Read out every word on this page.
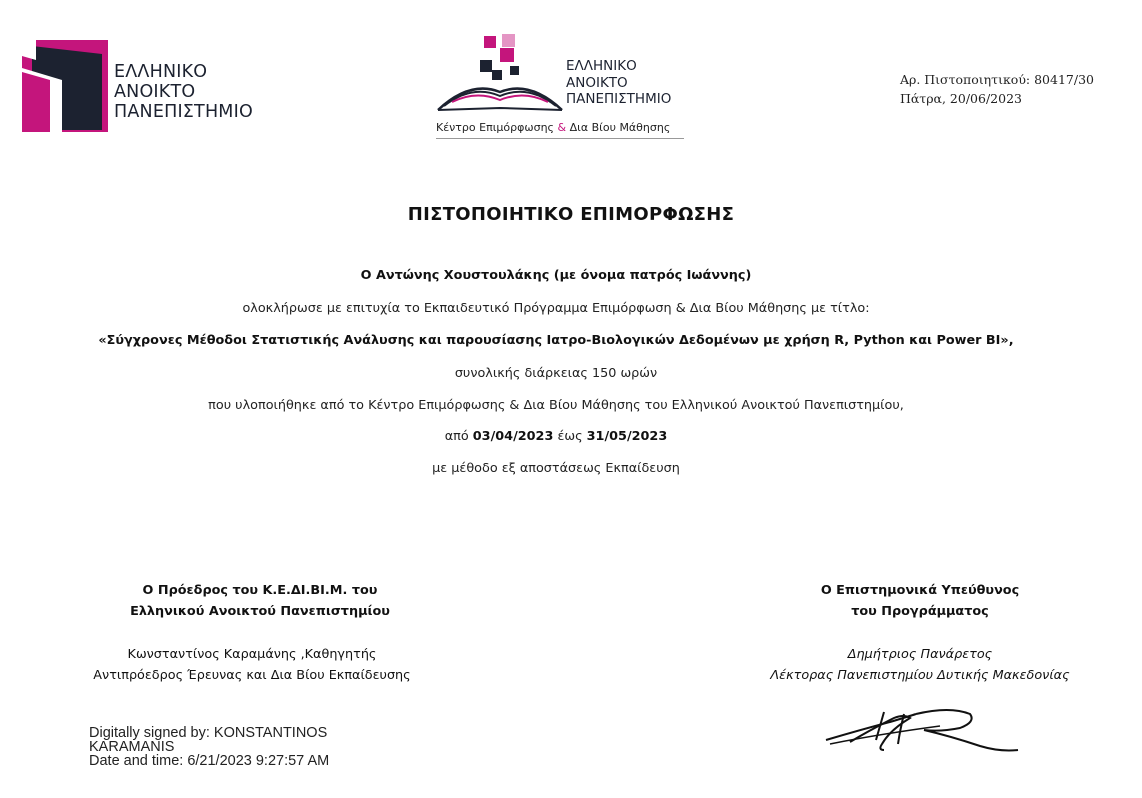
ΕΛΛΗΝΙΚΟ
ΑΝΟΙΚΤΟ
ΠΑΝΕΠΙΣΤΗΜΙΟ
ΕΛΛΗΝΙΚΟ
ΑΝΟΙΚΤΟ
ΠΑΝΕΠΙΣΤΗΜΙΟ
Κέντρο Επιμόρφωσης & Δια Βίου Μάθησης
Αρ. Πιστοποιητικού: 80417/30
Πάτρα, 20/06/2023
ΠΙΣΤΟΠΟΙΗΤΙΚΟ ΕΠΙΜΟΡΦΩΣΗΣ
Ο Αντώνης Χουστουλάκης (με όνομα πατρός Ιωάννης)
ολοκλήρωσε με επιτυχία το Εκπαιδευτικό Πρόγραμμα Επιμόρφωση & Δια Βίου Μάθησης με τίτλο:
«Σύγχρονες Μέθοδοι Στατιστικής Ανάλυσης και παρουσίασης Ιατρο-Βιολογικών Δεδομένων με χρήση R, Python και Power BI»,
συνολικής διάρκειας 150 ωρών
που υλοποιήθηκε από το Κέντρο Επιμόρφωσης & Δια Βίου Μάθησης του Ελληνικού Ανοικτού Πανεπιστημίου,
από 03/04/2023 έως 31/05/2023
με μέθοδο εξ αποστάσεως Εκπαίδευση
Ο Πρόεδρος του Κ.Ε.ΔΙ.ΒΙ.Μ. του
Ελληνικού Ανοικτού Πανεπιστημίου
Κωνσταντίνος Καραμάνης ,Καθηγητής
Αντιπρόεδρος Έρευνας και Δια Βίου Εκπαίδευσης
Ο Επιστημονικά Υπεύθυνος
του Προγράμματος
Δημήτριος Πανάρετος
Λέκτορας Πανεπιστημίου Δυτικής Μακεδονίας
Digitally signed by: KONSTANTINOS
KARAMANIS
Date and time: 6/21/2023 9:27:57 AM
